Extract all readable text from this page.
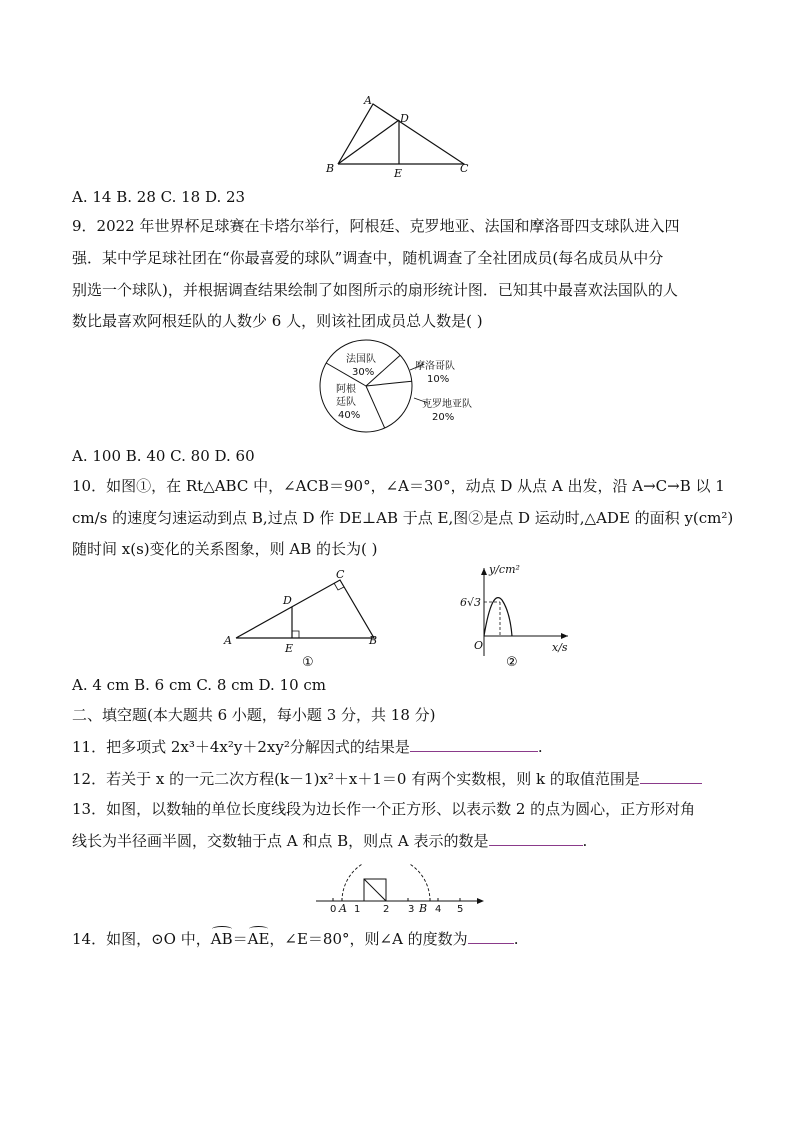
A
D
B	E	C
A. 14 B. 28 C. 18 D. 23
9．2022 年世界杯足球赛在卡塔尔举行，阿根廷、克罗地亚、法国和摩洛哥四支球队进入四
强．某中学足球社团在“你最喜爱的球队”调查中，随机调查了全社团成员(每名成员从中分
别选一个球队)，并根据调查结果绘制了如图所示的扇形统计图．已知其中最喜欢法国队的人
数比最喜欢阿根廷队的人数少 6 人，则该社团成员总人数是( )
法国队
30%
摩洛哥队
10%
克罗地亚队
20%
阿根
廷队
40%
A. 100 B. 40 C. 80 D. 60
10．如图①，在 Rt△ABC 中，∠ACB＝90°，∠A＝30°，动点 D 从点 A 出发，沿 A→C→B 以 1
cm/s 的速度匀速运动到点 B,过点 D 作 DE⊥AB 于点 E,图②是点 D 运动时,△ADE 的面积 y(cm²)
随时间 x(s)变化的关系图象，则 AB 的长为( )
A
C
D
E
B
①
y/cm²
6√3
O	x/s
②
A. 4 cm B. 6 cm C. 8 cm D. 10 cm
二、填空题(本大题共 6 小题，每小题 3 分，共 18 分)
11．把多项式 2x³＋4x²y＋2xy²分解因式的结果是	.
12．若关于 x 的一元二次方程(k－1)x²＋x＋1＝0 有两个实数根，则 k 的取值范围是
13．如图，以数轴的单位长度线段为边长作一个正方形、以表示数 2 的点为圆心，正方形对角
线长为半径画半圆，交数轴于点 A 和点 B，则点 A 表示的数是	.
0 A 1 2 3 B 4 5
14．如图，⊙O 中，AB＝AE，∠E＝80°，则∠A 的度数为	.
